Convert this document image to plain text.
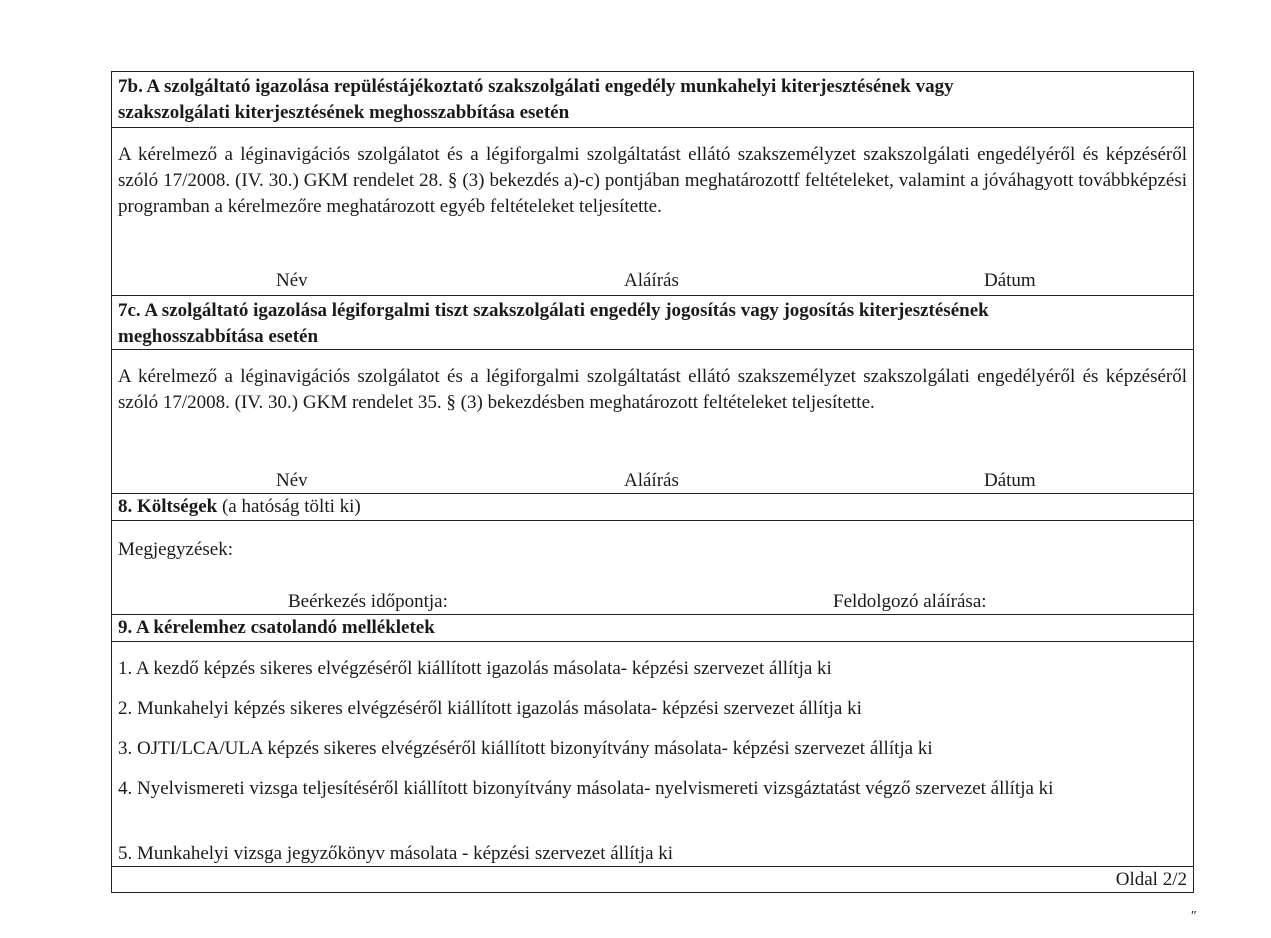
7b. A szolgáltató igazolása repüléstájékoztató szakszolgálati engedély munkahelyi kiterjesztésének vagy
szakszolgálati kiterjesztésének meghosszabbítása esetén
A kérelmező a léginavigációs szolgálatot és a légiforgalmi szolgáltatást ellátó szakszemélyzet szakszolgálati engedélyéről és képzéséről szóló 17/2008. (IV. 30.) GKM rendelet 28. § (3) bekezdés a)-c) pontjában meghatározottf feltételeket, valamint a jóváhagyott továbbképzési programban a kérelmezőre meghatározott egyéb feltételeket teljesítette.
Név	Aláírás	Dátum
7c. A szolgáltató igazolása légiforgalmi tiszt szakszolgálati engedély jogosítás vagy jogosítás kiterjesztésének
meghosszabbítása esetén
A kérelmező a léginavigációs szolgálatot és a légiforgalmi szolgáltatást ellátó szakszemélyzet szakszolgálati engedélyéről és képzéséről szóló 17/2008. (IV. 30.) GKM rendelet 35. § (3) bekezdésben meghatározott feltételeket teljesítette.
Név	Aláírás	Dátum
8. Költségek (a hatóság tölti ki)
Megjegyzések:
Beérkezés időpontja:	Feldolgozó aláírása:
9. A kérelemhez csatolandó mellékletek
1. A kezdő képzés sikeres elvégzéséről kiállított igazolás másolata- képzési szervezet állítja ki
2. Munkahelyi képzés sikeres elvégzéséről kiállított igazolás másolata- képzési szervezet állítja ki
3. OJTI/LCA/ULA képzés sikeres elvégzéséről kiállított bizonyítvány másolata- képzési szervezet állítja ki
4. Nyelvismereti vizsga teljesítéséről kiállított bizonyítvány másolata- nyelvismereti vizsgáztatást végző szervezet állítja ki
5. Munkahelyi vizsga jegyzőkönyv másolata - képzési szervezet állítja ki
Oldal 2/2
"
